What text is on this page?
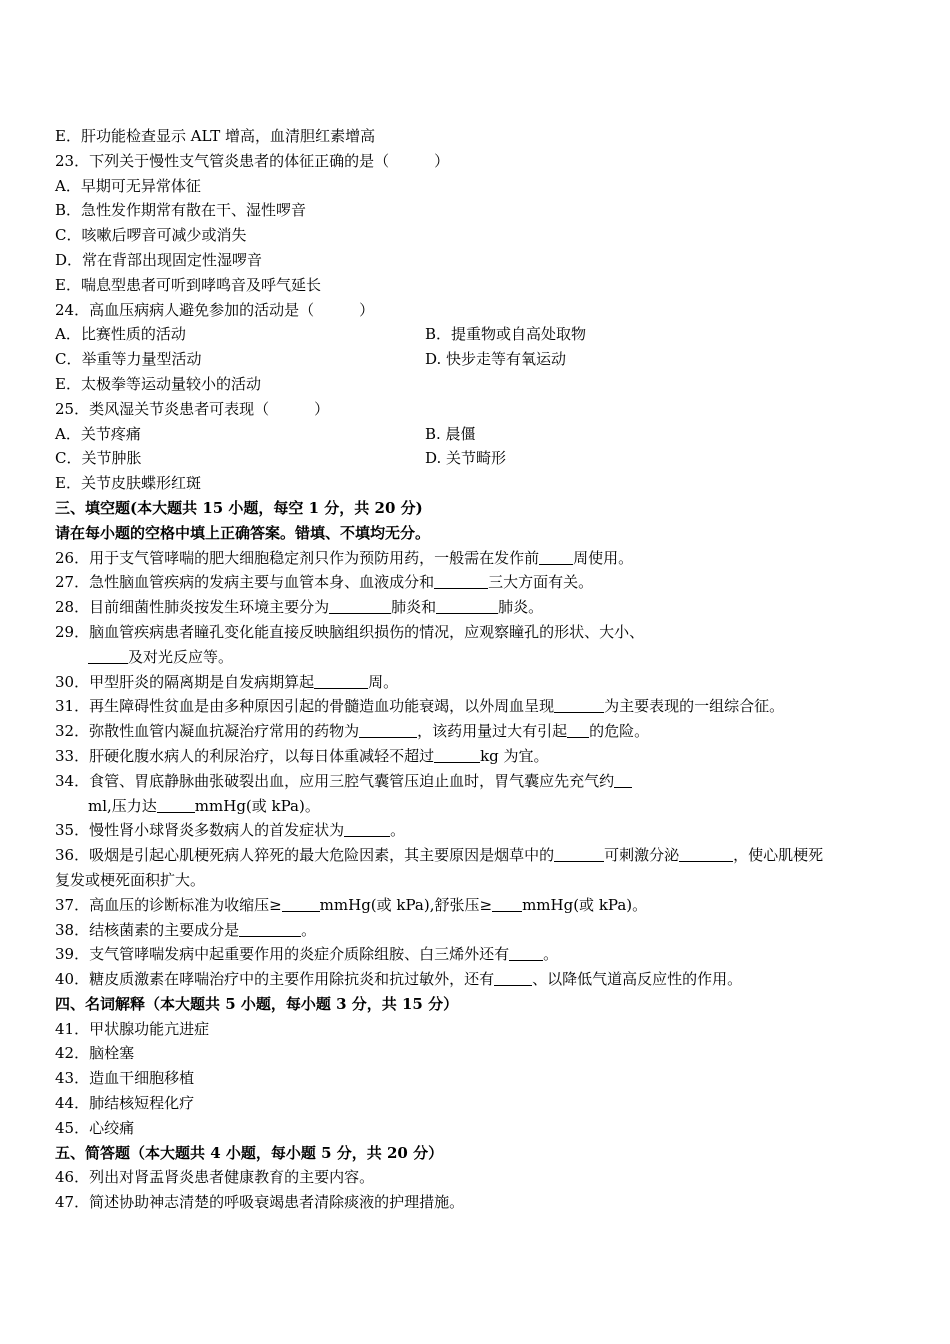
E．肝功能检查显示 ALT 增高，血清胆红素增高
23．下列关于慢性支气管炎患者的体征正确的是（　　　）
A．早期可无异常体征
B．急性发作期常有散在干、湿性啰音
C．咳嗽后啰音可减少或消失
D．常在背部出现固定性湿啰音
E．喘息型患者可听到哮鸣音及呼气延长
24．高血压病病人避免参加的活动是（　　　）
A．比赛性质的活动	B．提重物或自高处取物
C．举重等力量型活动	D. 快步走等有氧运动
E．太极拳等运动量较小的活动
25．类风湿关节炎患者可表现（　　　）
A．关节疼痛	B. 晨僵
C．关节肿胀	D. 关节畸形
E．关节皮肤蝶形红斑
三、填空题(本大题共 15 小题，每空 1 分，共 20 分)
请在每小题的空格中填上正确答案。错填、不填均无分。
26．用于支气管哮喘的肥大细胞稳定剂只作为预防用药，一般需在发作前 周使用。
27．急性脑血管疾病的发病主要与血管本身、血液成分和	三大方面有关。
28．目前细菌性肺炎按发生环境主要分为	肺炎和	肺炎。
29．脑血管疾病患者瞳孔变化能直接反映脑组织损伤的情况，应观察瞳孔的形状、大小、
及对光反应等。
30．甲型肝炎的隔离期是自发病期算起	周。
31．再生障碍性贫血是由多种原因引起的骨髓造血功能衰竭，以外周血呈现	为主要表现的一组综合征。
32．弥散性血管内凝血抗凝治疗常用的药物为	，该药用量过大有引起 的危险。
33．肝硬化腹水病人的利尿治疗，以每日体重减轻不超过	kg 为宜。
34．食管、胃底静脉曲张破裂出血，应用三腔气囊管压迫止血时，胃气囊应先充气约
ml,压力达	mmHg(或 kPa)。
35．慢性肾小球肾炎多数病人的首发症状为	。
36．吸烟是引起心肌梗死病人猝死的最大危险因素，其主要原因是烟草中的	可刺激分泌	，使心肌梗死
复发或梗死面积扩大。
37．高血压的诊断标准为收缩压≥	mmHg(或 kPa),舒张压≥ mmHg(或 kPa)。
38．结核菌素的主要成分是	。
39．支气管哮喘发病中起重要作用的炎症介质除组胺、白三烯外还有 。
40．糖皮质激素在哮喘治疗中的主要作用除抗炎和抗过敏外，还有	、以降低气道高反应性的作用。
四、名词解释（本大题共 5 小题，每小题 3 分，共 15 分）
41．甲状腺功能亢进症
42．脑栓塞
43．造血干细胞移植
44．肺结核短程化疗
45．心绞痛
五、简答题（本大题共 4 小题，每小题 5 分，共 20 分）
46．列出对肾盂肾炎患者健康教育的主要内容。
47．简述协助神志清楚的呼吸衰竭患者清除痰液的护理措施。
